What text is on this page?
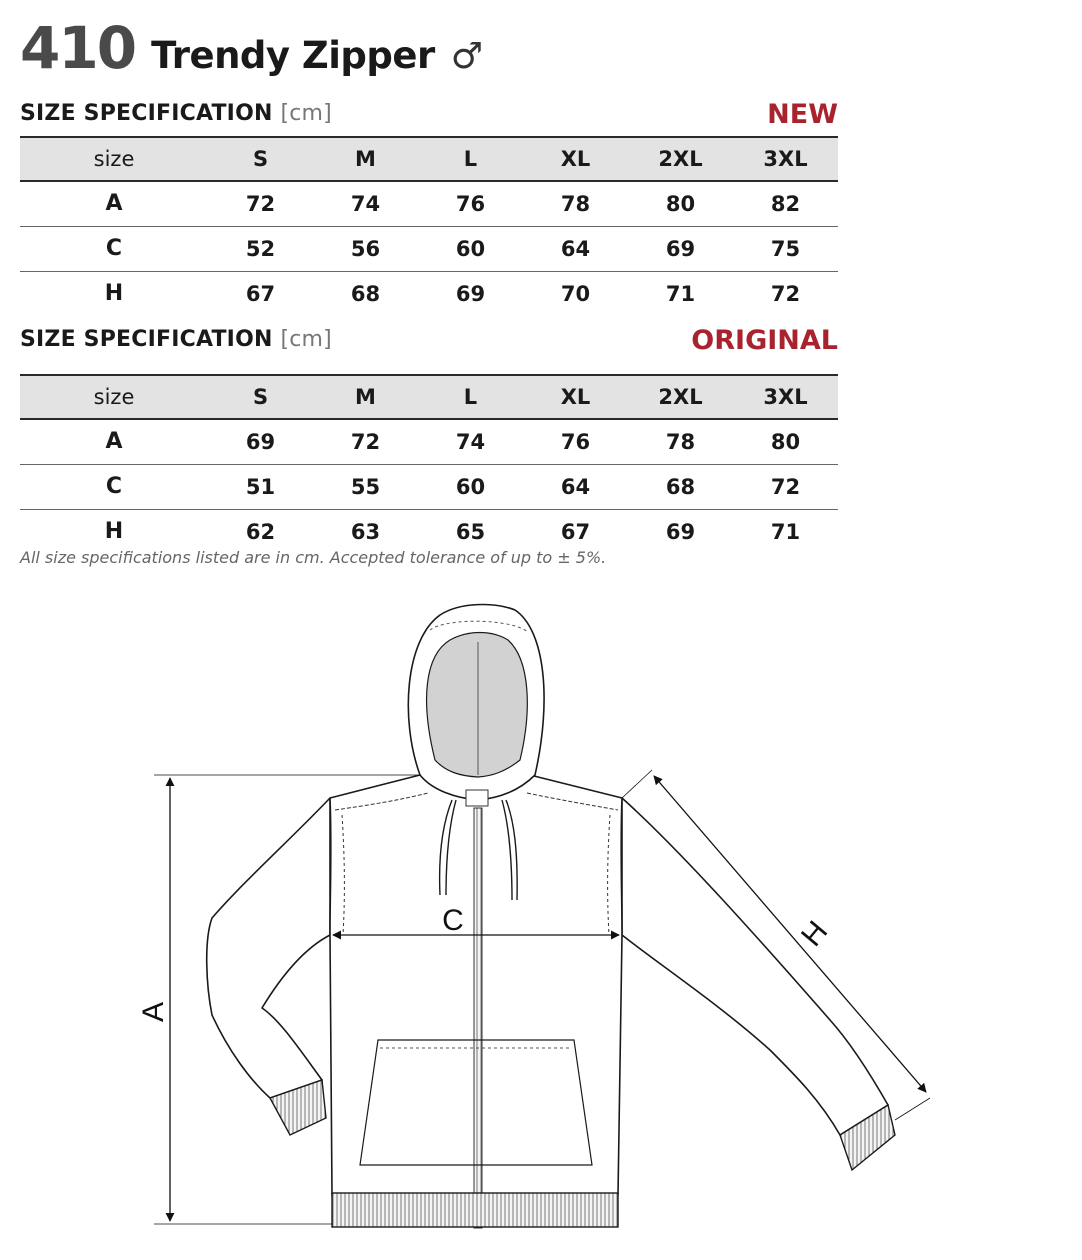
410 Trendy Zipper ♂
SIZE SPECIFICATION [cm]	NEW
size	S	M	L	XL	2XL	3XL
A	72	74	76	78	80	82
C	52	56	60	64	69	75
H	67	68	69	70	71	72
SIZE SPECIFICATION [cm]	ORIGINAL
size	S	M	L	XL	2XL	3XL
A	69	72	74	76	78	80
C	51	55	60	64	68	72
H	62	63	65	67	69	71
All size specifications listed are in cm. Accepted tolerance of up to ± 5%.
A
C	H
